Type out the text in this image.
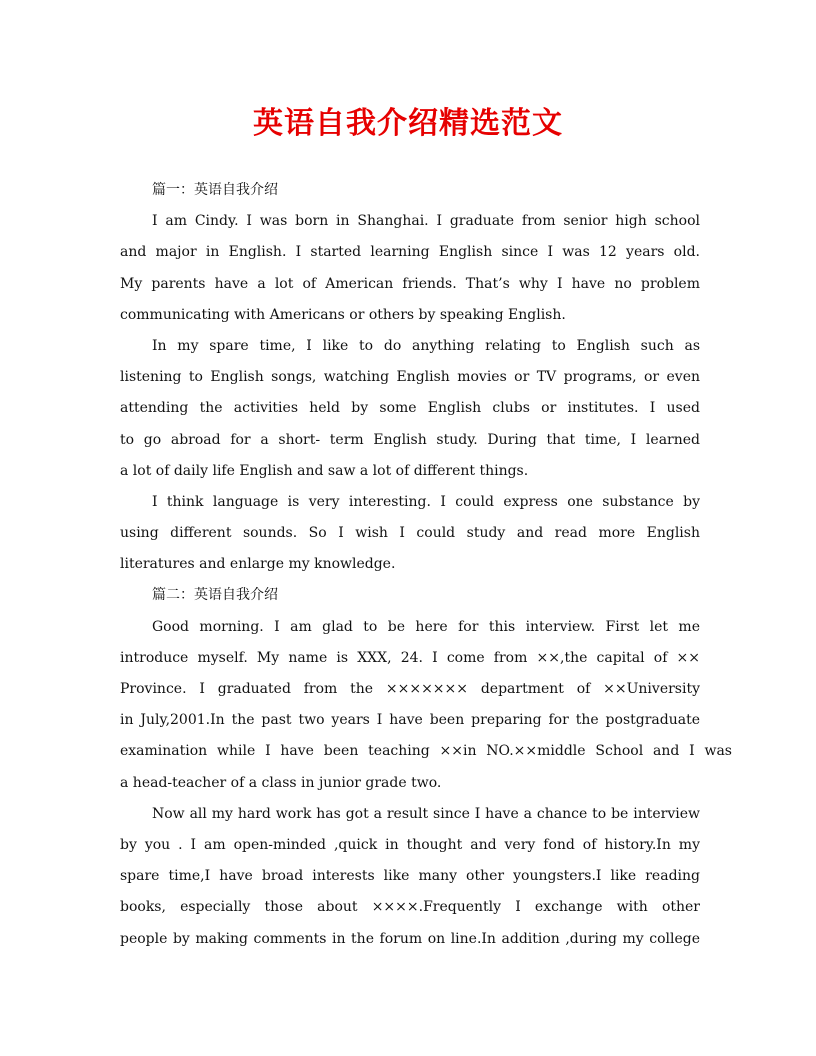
英语自我介绍精选范文
篇一：英语自我介绍
I am Cindy. I was born in Shanghai. I graduate from senior high school
and major in English. I started learning English since I was 12 years old.
My parents have a lot of American friends. That’s why I have no problem
communicating with Americans or others by speaking English.
In my spare time, I like to do anything relating to English such as
listening to English songs, watching English movies or TV programs, or even
attending the activities held by some English clubs or institutes. I used
to go abroad for a short- term English study. During that time, I learned
a lot of daily life English and saw a lot of different things.
I think language is very interesting. I could express one substance by
using different sounds. So I wish I could study and read more English
literatures and enlarge my knowledge.
篇二：英语自我介绍
Good morning. I am glad to be here for this interview. First let me
introduce myself. My name is XXX, 24. I come from ××,the capital of ××
Province. I graduated from the ××××××× department of ××University
in July,2001.In the past two years I have been preparing for the postgraduate
examination while I have been teaching ××in NO.××middle School and I was
a head-teacher of a class in junior grade two.
Now all my hard work has got a result since I have a chance to be interview
by you . I am open-minded ,quick in thought and very fond of history.In my
spare time,I have broad interests like many other youngsters.I like reading
books, especially those about ××××.Frequently I exchange with other
people by making comments in the forum on line.In addition ,during my college
